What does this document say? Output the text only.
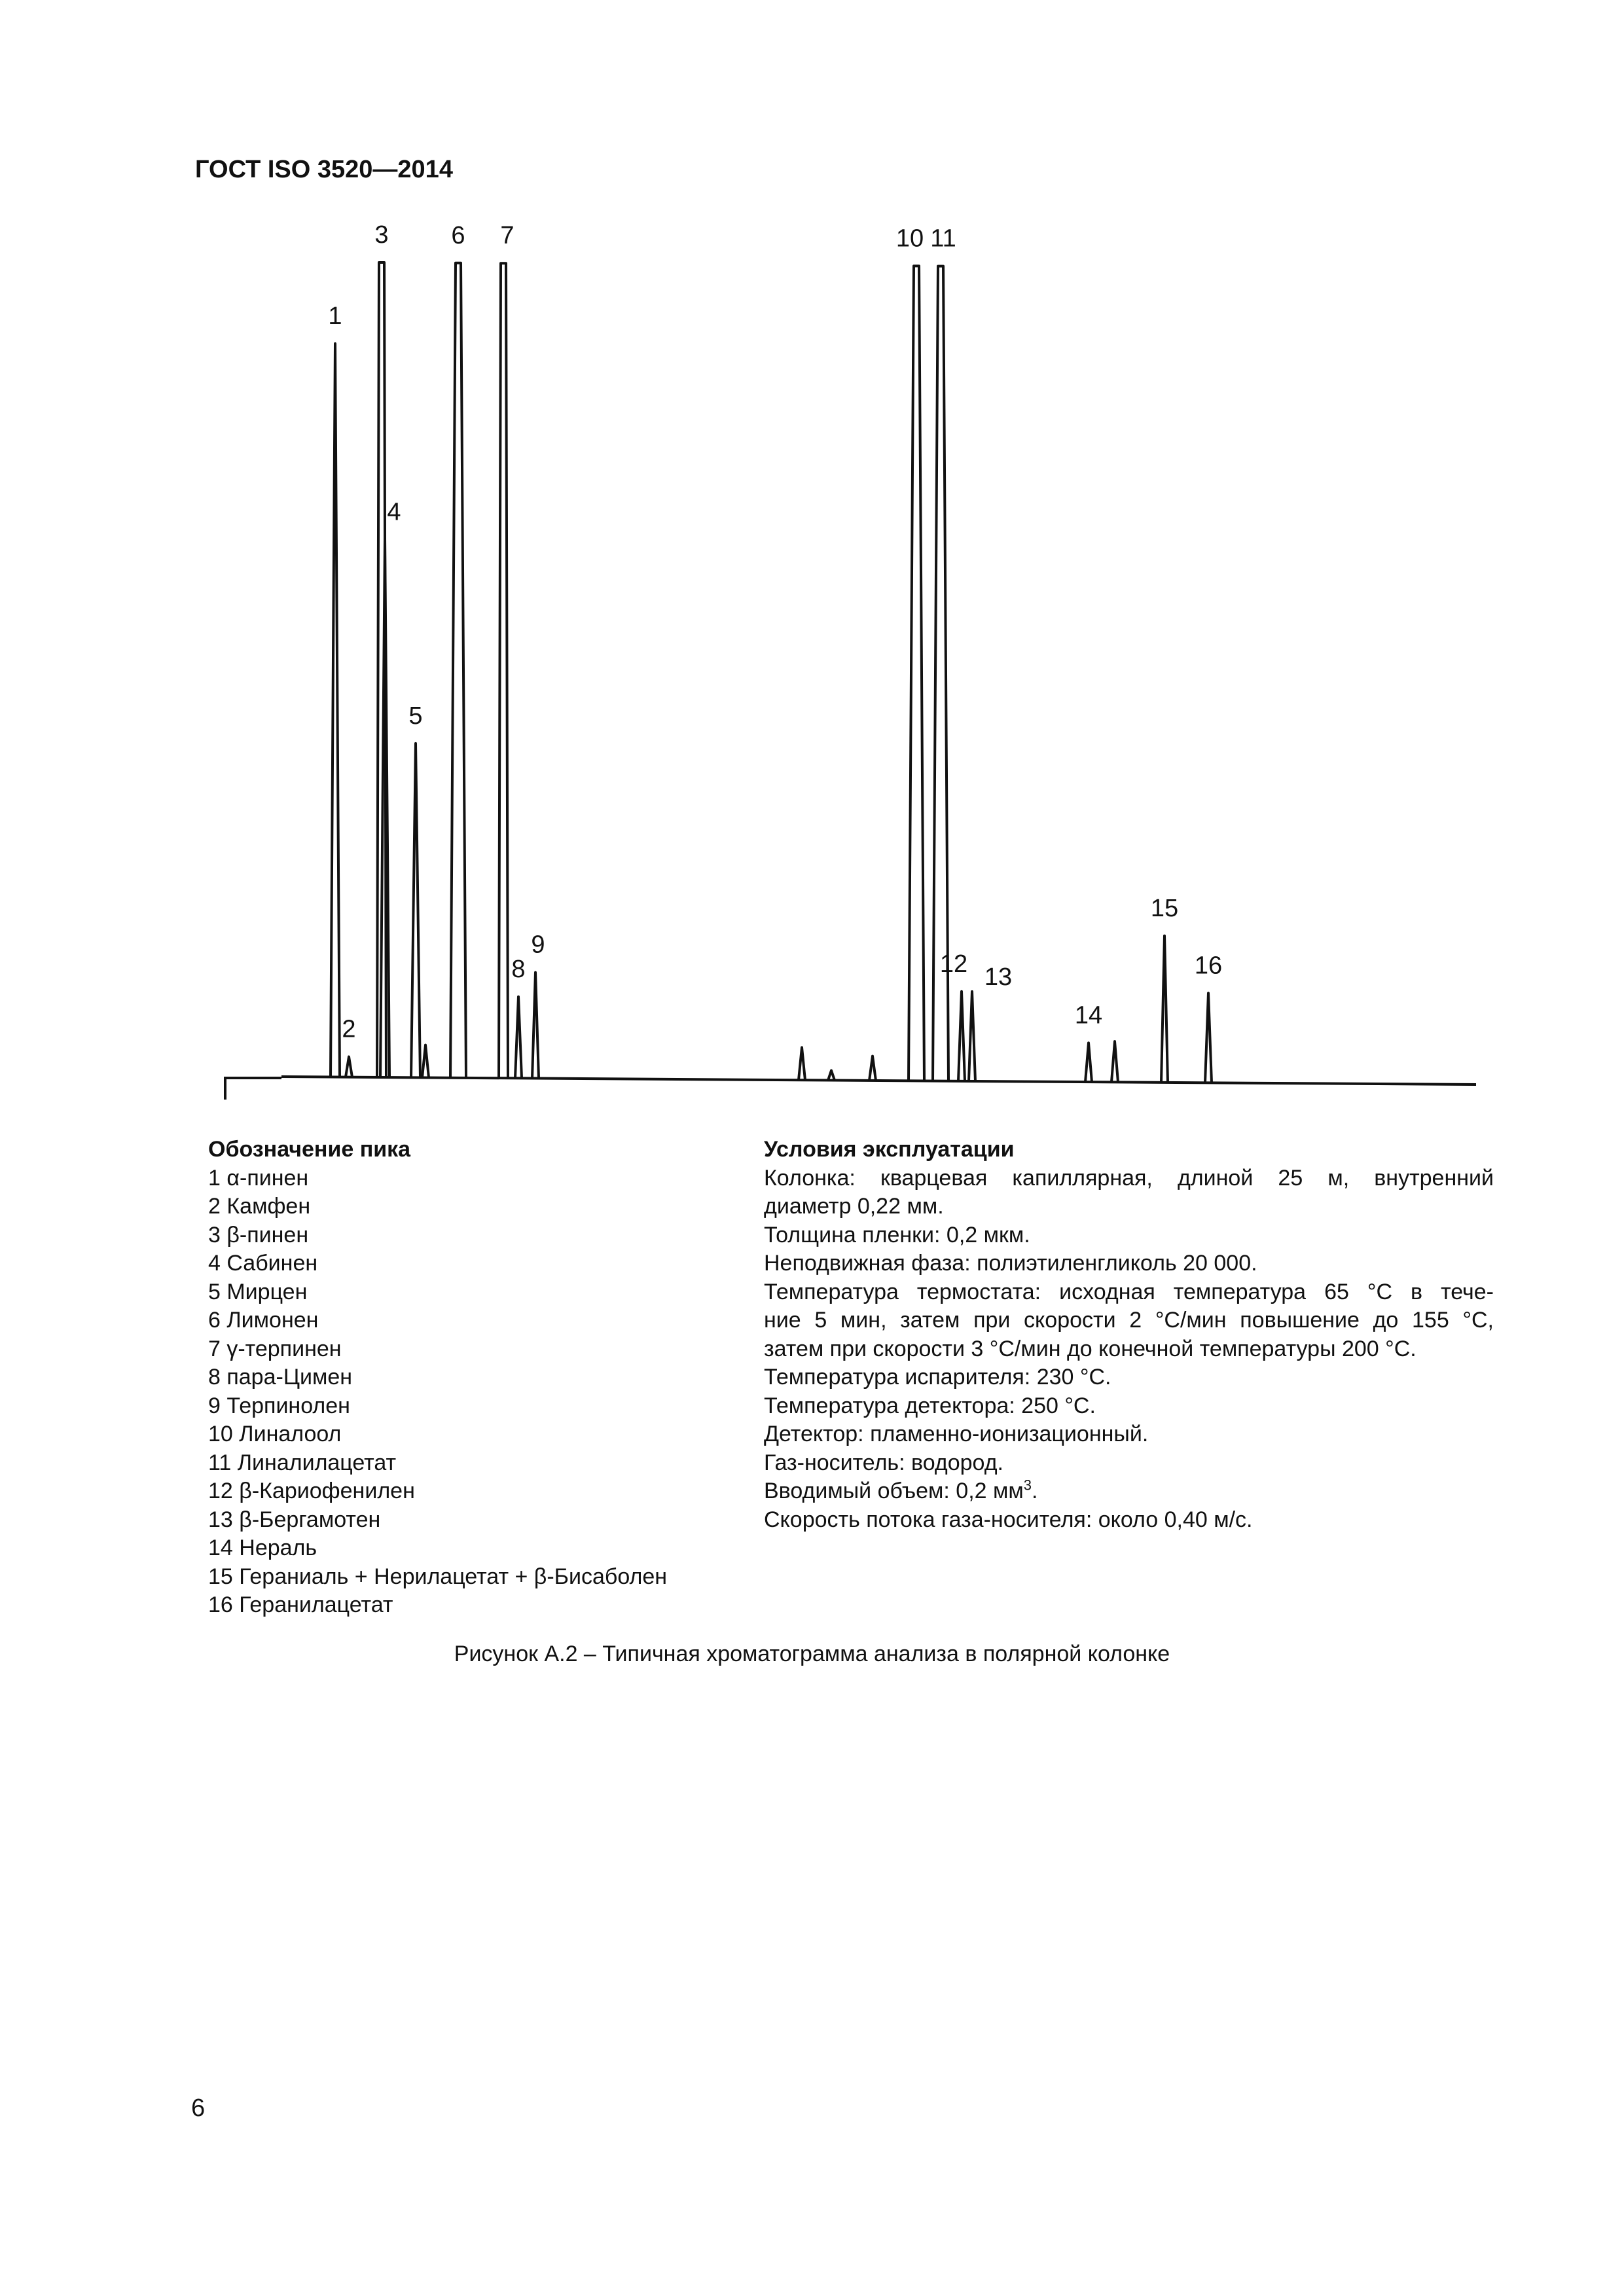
ГОСТ ISO 3520—2014
1
2
3
4
5
6 7
8
9
10 11
12 13
14
15
16
Обозначение пика
1 α-пинен
2 Камфен
3 β-пинен
4 Сабинен
5 Мирцен
6 Лимонен
7 γ-терпинен
8 пара-Цимен
9 Терпинолен
10 Линалоол
11 Линалилацетат
12 β-Кариофенилен
13 β-Бергамотен
14 Нераль
15 Гераниаль + Нерилацетат + β-Бисаболен
16 Геранилацетат
Условия эксплуатации
Колонка: кварцевая капиллярная, длиной 25 м, внутренний
диаметр 0,22 мм.
Толщина пленки: 0,2 мкм.
Неподвижная фаза: полиэтиленгликоль 20 000.
Температура термостата: исходная температура 65 °C в тече-
ние 5 мин, затем при скорости 2 °C/мин повышение до 155 °C,
затем при скорости 3 °C/мин до конечной температуры 200 °C.
Температура испарителя: 230 °C.
Температура детектора: 250 °C.
Детектор: пламенно-ионизационный.
Газ-носитель: водород.
Вводимый объем: 0,2 $мм^3$.
Скорость потока газа-носителя: около 0,40 м/с.
Рисунок А.2 – Типичная хроматограмма анализа в полярной колонке
6
